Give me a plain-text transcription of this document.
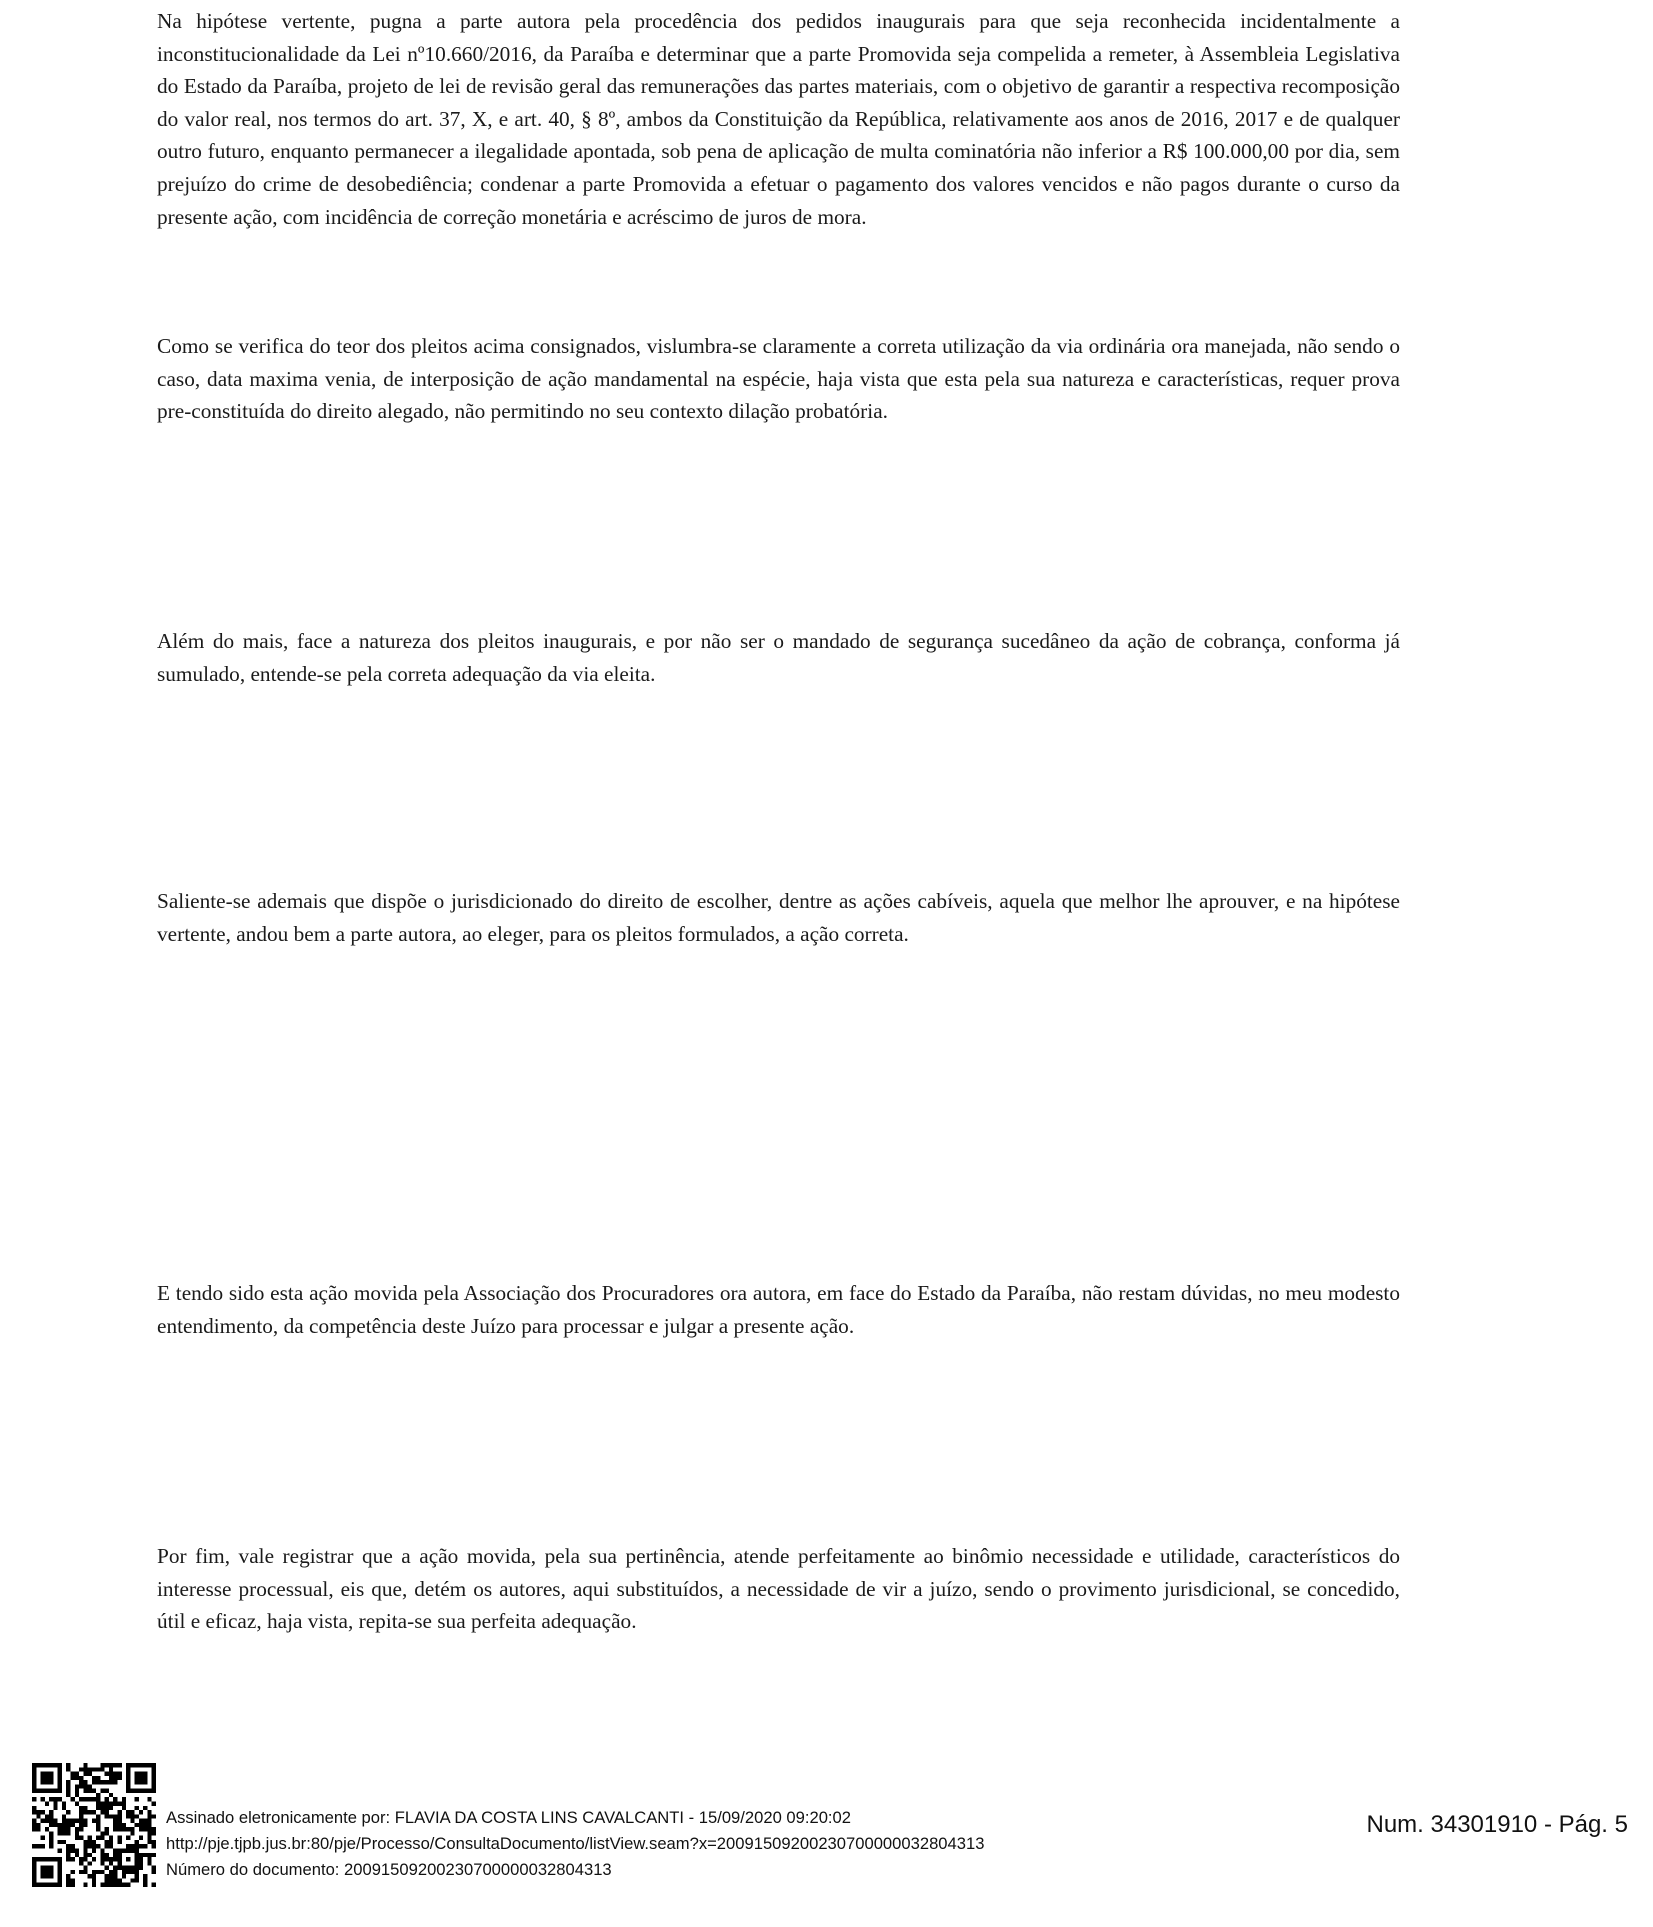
Na hipótese vertente, pugna a parte autora pela procedência dos pedidos inaugurais para que seja reconhecida incidentalmente a inconstitucionalidade da Lei nº10.660/2016, da Paraíba e determinar que a parte Promovida seja compelida a remeter, à Assembleia Legislativa do Estado da Paraíba, projeto de lei de revisão geral das remunerações das partes materiais, com o objetivo de garantir a respectiva recomposição do valor real, nos termos do art. 37, X, e art. 40, § 8º, ambos da Constituição da República, relativamente aos anos de 2016, 2017 e de qualquer outro futuro, enquanto permanecer a ilegalidade apontada, sob pena de aplicação de multa cominatória não inferior a R$ 100.000,00 por dia, sem prejuízo do crime de desobediência; condenar a parte Promovida a efetuar o pagamento dos valores vencidos e não pagos durante o curso da presente ação, com incidência de correção monetária e acréscimo de juros de mora.

Como se verifica do teor dos pleitos acima consignados, vislumbra-se claramente a correta utilização da via ordinária ora manejada, não sendo o caso, data maxima venia, de interposição de ação mandamental na espécie, haja vista que esta pela sua natureza e características, requer prova pre-constituída do direito alegado, não permitindo no seu contexto dilação probatória.

Além do mais, face a natureza dos pleitos inaugurais, e por não ser o mandado de segurança sucedâneo da ação de cobrança, conforma já sumulado, entende-se pela correta adequação da via eleita.

Saliente-se ademais que dispõe o jurisdicionado do direito de escolher, dentre as ações cabíveis, aquela que melhor lhe aprouver, e na hipótese vertente, andou bem a parte autora, ao eleger, para os pleitos formulados, a ação correta.

E tendo sido esta ação movida pela Associação dos Procuradores ora autora, em face do Estado da Paraíba, não restam dúvidas, no meu modesto entendimento, da competência deste Juízo para processar e julgar a presente ação.

Por fim, vale registrar que a ação movida, pela sua pertinência, atende perfeitamente ao binômio necessidade e utilidade, característicos do interesse processual, eis que, detém os autores, aqui substituídos, a necessidade de vir a juízo, sendo o provimento jurisdicional, se concedido, útil e eficaz, haja vista, repita-se sua perfeita adequação.

Assinado eletronicamente por: FLAVIA DA COSTA LINS CAVALCANTI - 15/09/2020 09:20:02
http://pje.tjpb.jus.br:80/pje/Processo/ConsultaDocumento/listView.seam?x=20091509200230700000032804313
Número do documento: 20091509200230700000032804313
Num. 34301910 - Pág. 5
